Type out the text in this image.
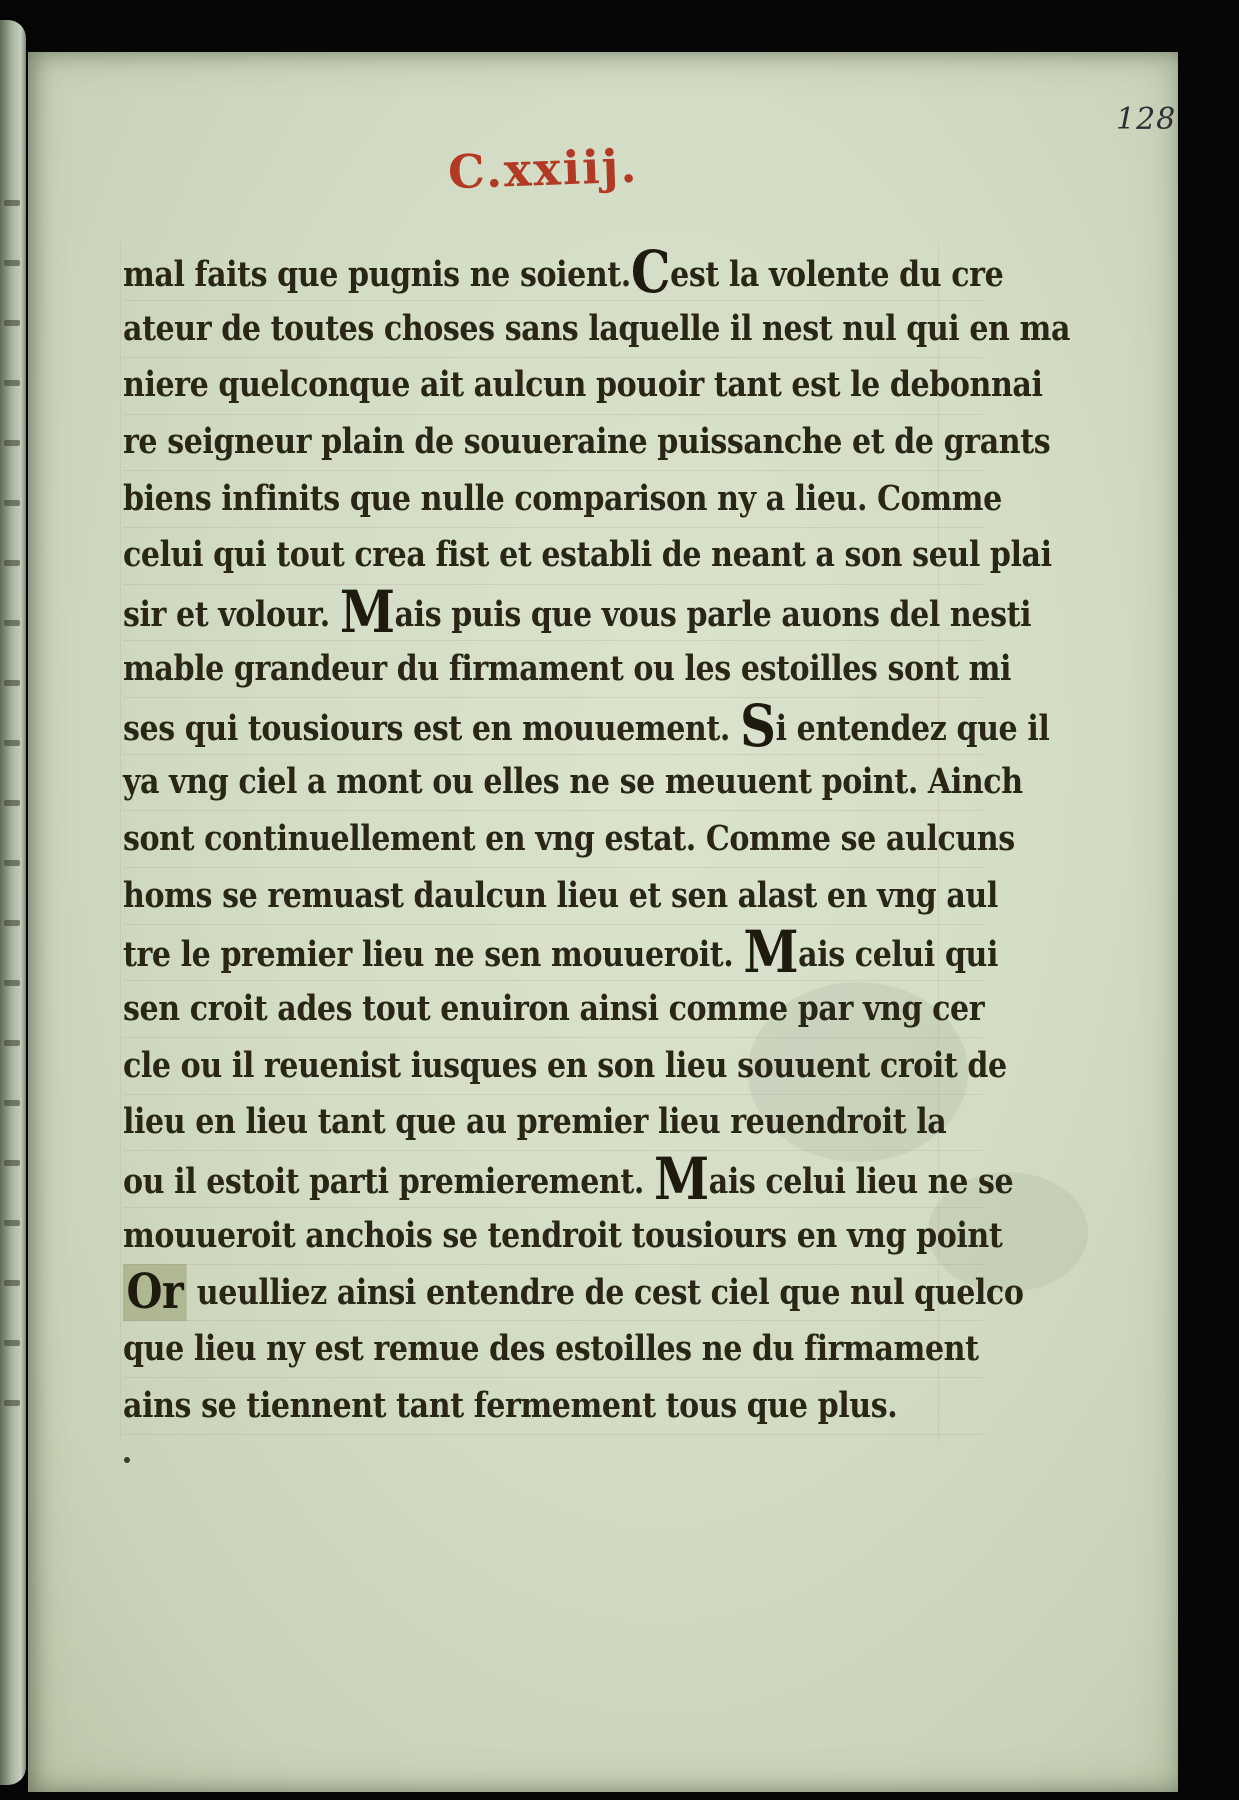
128
C.xxiij.
mal faits que pugnis ne soient.Cest la volente du cre
ateur de toutes choses sans laquelle il nest nul qui en ma
niere quelconque ait aulcun pouoir tant est le debonnai
re seigneur plain de souueraine puissanche et de grants
biens infinits que nulle comparison ny a lieu. Comme
celui qui tout crea fist et establi de neant a son seul plai
sir et volour. Mais puis que vous parle auons del nesti
mable grandeur du firmament ou les estoilles sont mi
ses qui tousiours est en mouuement. Si entendez que il
ya vng ciel a mont ou elles ne se meuuent point. Ainch
sont continuellement en vng estat. Comme se aulcuns
homs se remuast daulcun lieu et sen alast en vng aul
tre le premier lieu ne sen mouueroit. Mais celui qui
sen croit ades tout enuiron ainsi comme par vng cer
cle ou il reuenist iusques en son lieu souuent croit de
lieu en lieu tant que au premier lieu reuendroit la
ou il estoit parti premierement. Mais celui lieu ne se
mouueroit anchois se tendroit tousiours en vng point
Or ueulliez ainsi entendre de cest ciel que nul quelco
que lieu ny est remue des estoilles ne du firmament
ains se tiennent tant fermement tous que plus.
